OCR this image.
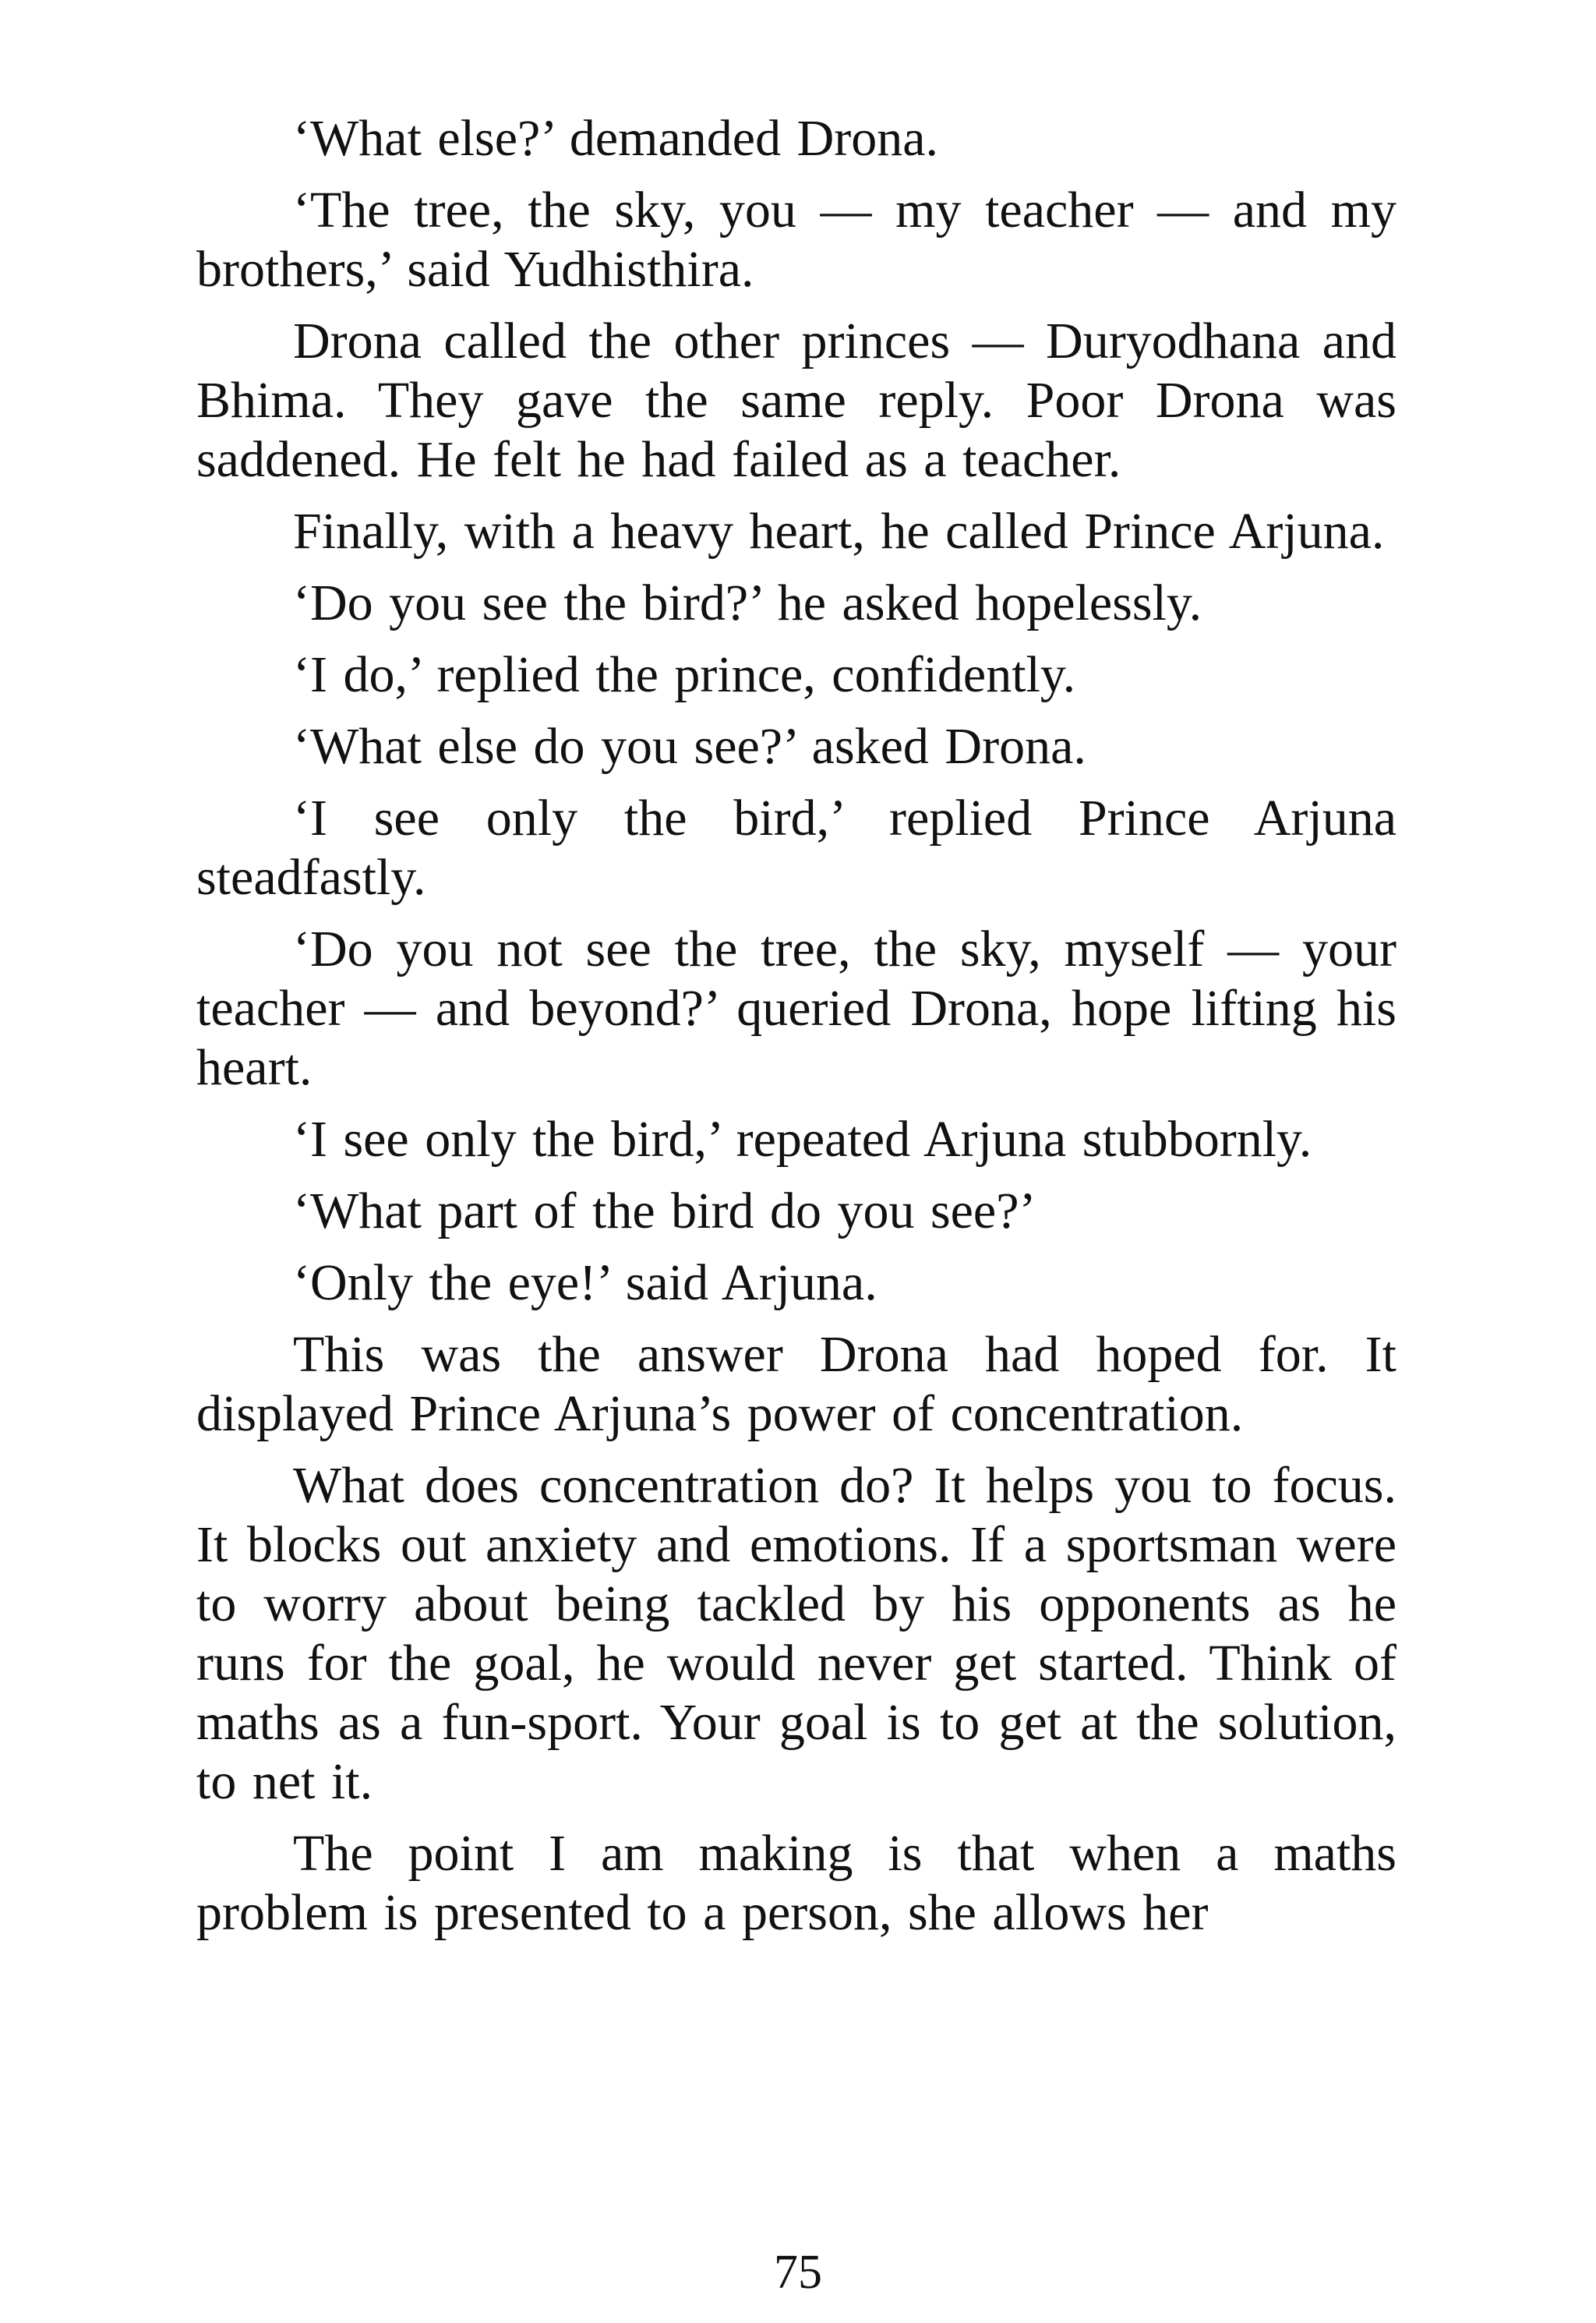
‘What else?’ demanded Drona.

‘The tree, the sky, you — my teacher — and my brothers,’ said Yudhisthira.

Drona called the other princes — Duryodhana and Bhima. They gave the same reply. Poor Drona was saddened. He felt he had failed as a teacher.

Finally, with a heavy heart, he called Prince Arjuna.

‘Do you see the bird?’ he asked hopelessly.

‘I do,’ replied the prince, confidently.

‘What else do you see?’ asked Drona.

‘I see only the bird,’ replied Prince Arjuna steadfastly.

‘Do you not see the tree, the sky, myself — your teacher — and beyond?’ queried Drona, hope lifting his heart.

‘I see only the bird,’ repeated Arjuna stubbornly.

‘What part of the bird do you see?’

‘Only the eye!’ said Arjuna.

This was the answer Drona had hoped for. It displayed Prince Arjuna’s power of concentration.

What does concentration do? It helps you to focus. It blocks out anxiety and emotions. If a sportsman were to worry about being tackled by his opponents as he runs for the goal, he would never get started. Think of maths as a fun-sport. Your goal is to get at the solution, to net it.

The point I am making is that when a maths problem is presented to a person, she allows her

75
